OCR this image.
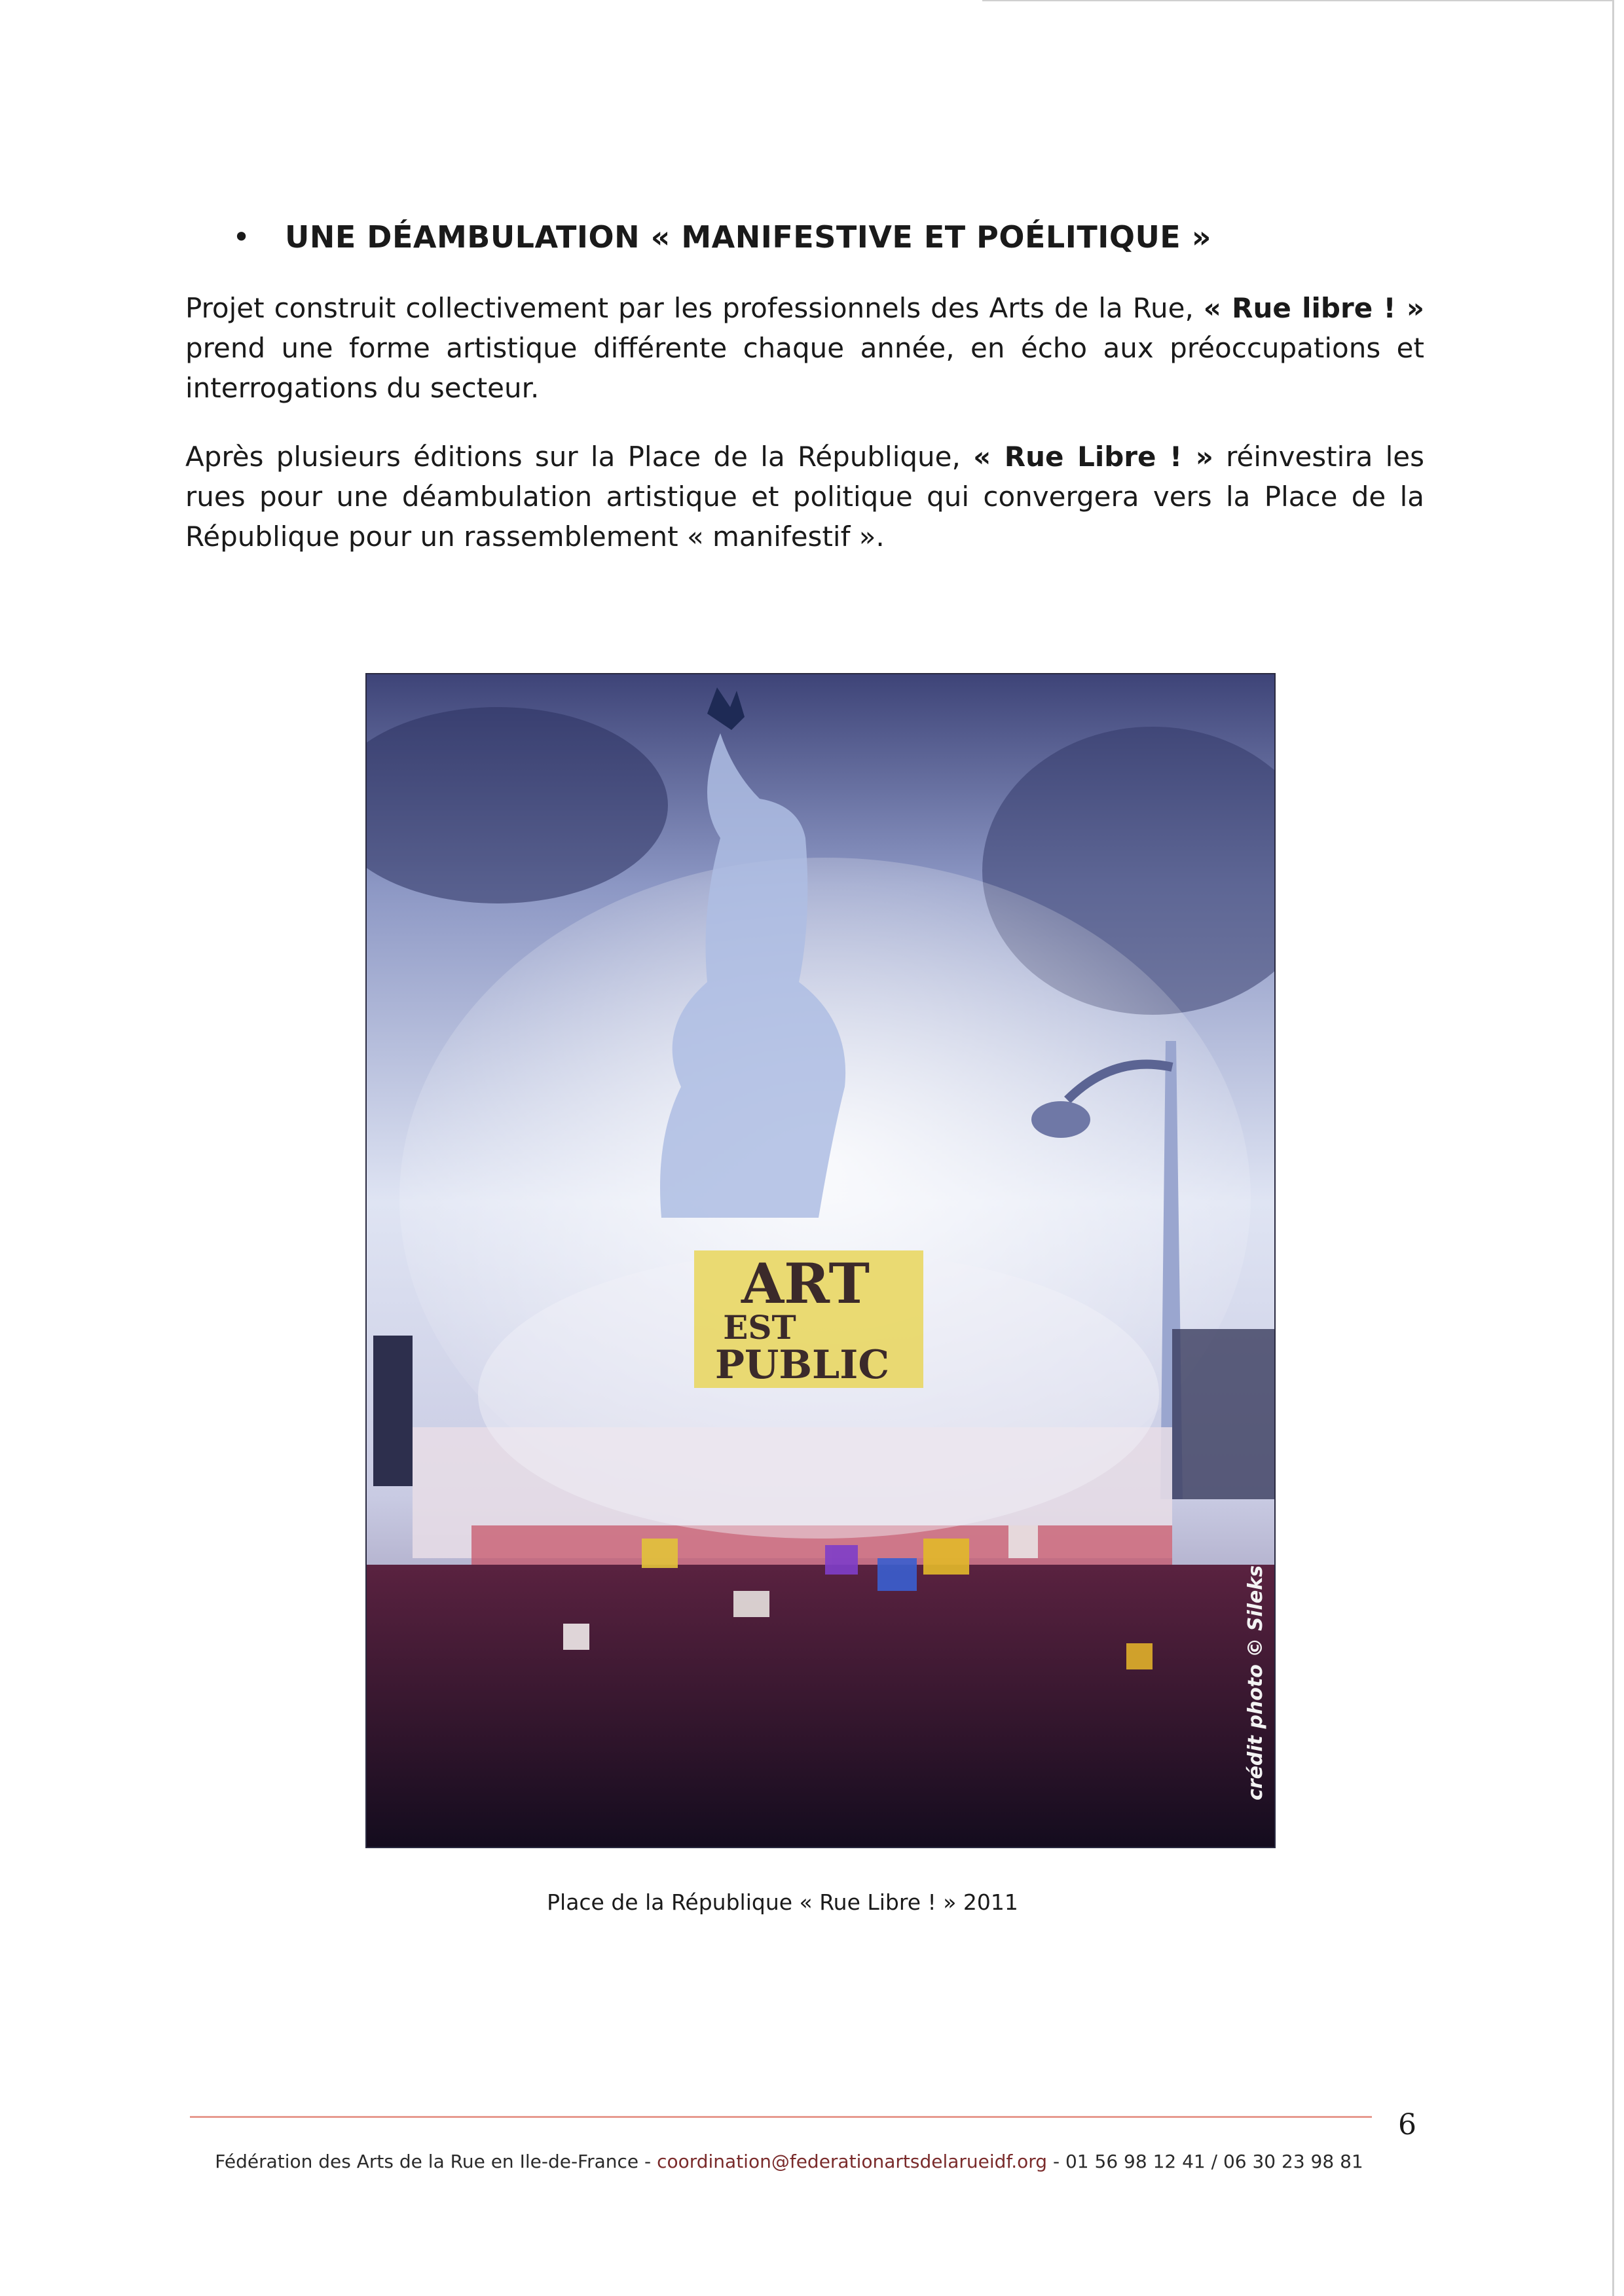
• UNE DÉAMBULATION « MANIFESTIVE ET POÉLITIQUE »
Projet construit collectivement par les professionnels des Arts de la Rue, « Rue libre ! » prend une forme artistique différente chaque année, en écho aux préoccupations et interrogations du secteur.
Après plusieurs éditions sur la Place de la République, « Rue Libre ! » réinvestira les rues pour une déambulation artistique et politique qui convergera vers la Place de la République pour un rassemblement « manifestif ».
ART
EST
PUBLIC
crédit photo © Sileks
Place de la République « Rue Libre ! » 2011
6
Fédération des Arts de la Rue en Ile-de-France - coordination@federationartsdelarueidf.org - 01 56 98 12 41 / 06 30 23 98 81
